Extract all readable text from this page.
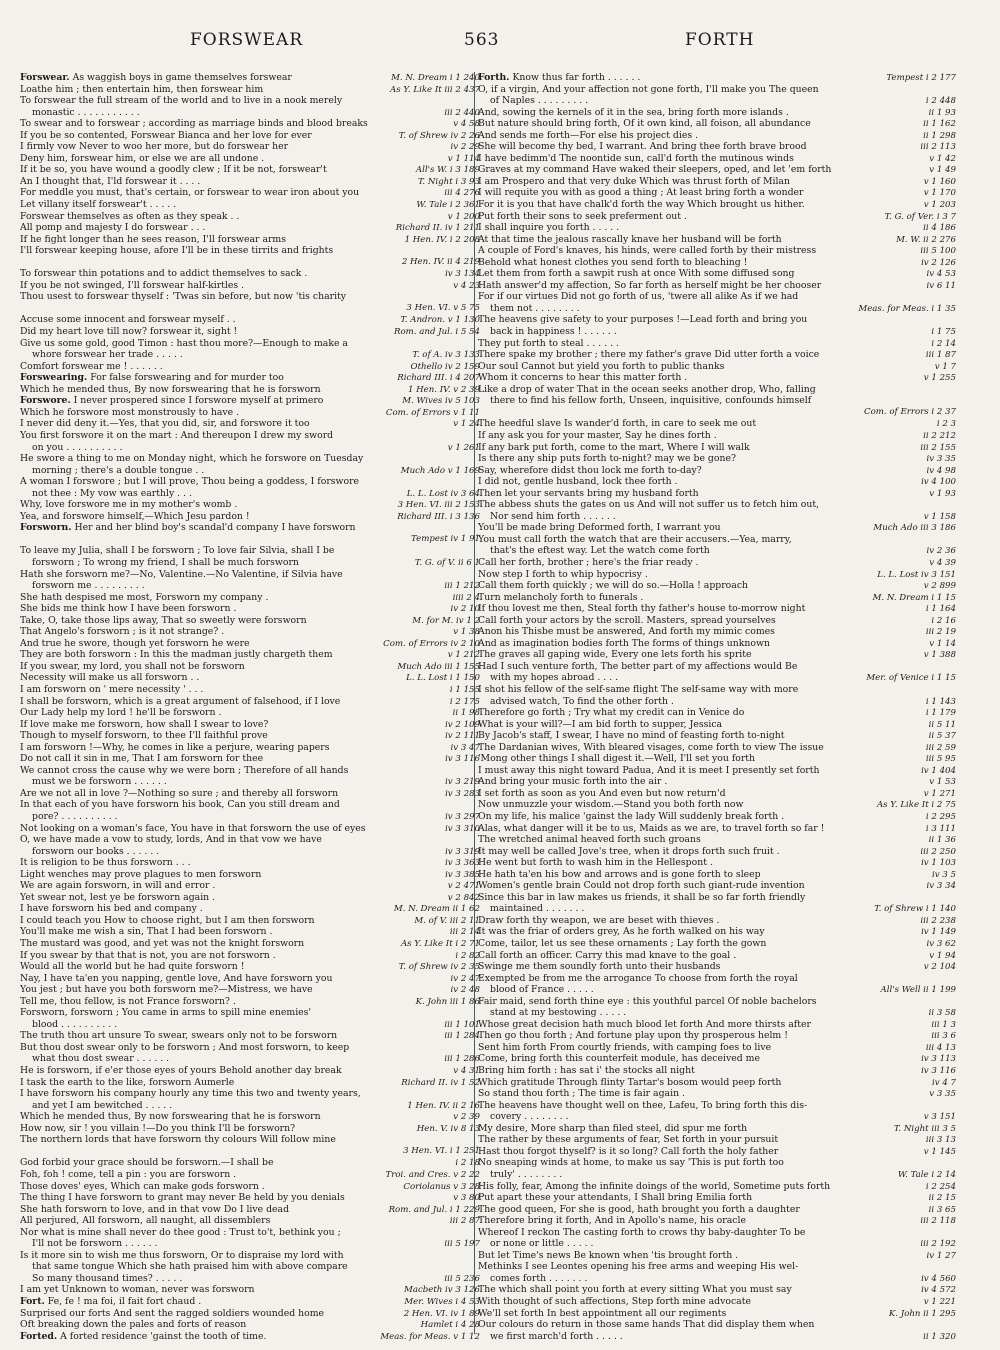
FORSWEAR	563	FORTH
Forswear. As waggish boys in game themselves forswear	M. N. Dream i 1 240
Loathe him ; then entertain him, then forswear him	As Y. Like It iii 2 437
To forswear the full stream of the world and to live in a nook merely
monastic . . . . . . . . . . .	iii 2 440
To swear and to forswear ; according as marriage binds and blood breaks	v 4 58
If you be so contented, Forswear Bianca and her love for ever	T. of Shrew iv 2 26
I firmly vow Never to woo her more, but do forswear her	iv 2 29
Deny him, forswear him, or else we are all undone .	v 1 114
If it be so, you have wound a goodly clew ; If it be not, forswear't	All's W. i 3 189
An I thought that, I'ld forswear it . . . .	T. Night i 3 93
For meddle you must, that's certain, or forswear to wear iron about you	iii 4 276
Let villany itself forswear't . . . . .	W. Tale i 2 361
Forswear themselves as often as they speak . .	v 1 200
All pomp and majesty I do forswear . . .	Richard II. iv 1 211
If he fight longer than he sees reason, I'll forswear arms	1 Hen. IV. i 2 208
I'll forswear keeping house, afore I'll be in these tirrits and frights
2 Hen. IV. ii 4 219
To forswear thin potations and to addict themselves to sack .	iv 3 134
If you be not swinged, I'll forswear half-kirtles .	v 4 23
Thou usest to forswear thyself : 'Twas sin before, but now 'tis charity
3 Hen. VI. v 5 75
Accuse some innocent and forswear myself . .	T. Andron. v 1 130
Did my heart love till now? forswear it, sight !	Rom. and Jul. i 5 54
Give us some gold, good Timon : hast thou more?—Enough to make a
whore forswear her trade . . . . .	T. of A. iv 3 133
Comfort forswear me ! . . . . . .	Othello iv 2 159
Forswearing. For false forswearing and for murder too	Richard III. i 4 207
Which he mended thus, By now forswearing that he is forsworn	1 Hen. IV. v 2 39
Forswore. I never prospered since I forswore myself at primero	M. Wives iv 5 103
Which he forswore most monstrously to have .	Com. of Errors v 1 11
I never did deny it.—Yes, that you did, sir, and forswore it too	v 1 24
You first forswore it on the mart : And thereupon I drew my sword
on you . . . . . . . . . .	v 1 261
He swore a thing to me on Monday night, which he forswore on Tuesday
morning ; there's a double tongue . .	Much Ado v 1 169
A woman I forswore ; but I will prove, Thou being a goddess, I forswore
not thee : My vow was earthly . . .	L. L. Lost iv 3 64
Why, love forswore me in my mother's womb .	3 Hen. VI. iii 2 153
Yea, and forswore himself,—Which Jesu pardon !	Richard III. i 3 136
Forsworn. Her and her blind boy's scandal'd company I have forsworn
Tempest iv 1 91
To leave my Julia, shall I be forsworn ; To love fair Silvia, shall I be
forsworn ; To wrong my friend, I shall be much forsworn	T. G. of V. ii 6 1
Hath she forsworn me?—No, Valentine.—No Valentine, if Silvia have
forsworn me . . . . . . . . .	iii 1 212
She hath despised me most, Forsworn my company .	iiii 2 4
She bids me think how I have been forsworn .	iv 2 10
Take, O, take those lips away, That so sweetly were forsworn	M. for M. iv 1 2
That Angelo's forsworn ; is it not strange? .	v 1 38
And true he swore, though yet forsworn he were	Com. of Errors iv 2 10
They are both forsworn : In this the madman justly chargeth them	v 1 212
If you swear, my lord, you shall not be forsworn	Much Ado iii 1 155
Necessity will make us all forsworn . .	L. L. Lost i 1 150
I am forsworn on ' mere necessity ' . . .	i 1 155
I shall be forsworn, which is a great argument of falsehood, if I love	i 2 175
Our Lady help my lord ! he'll be forsworn .	ii 1 98
If love make me forsworn, how shall I swear to love?	iv 2 109
Though to myself forsworn, to thee I'll faithful prove	iv 2 111
I am forsworn !—Why, he comes in like a perjure, wearing papers	iv 3 47
Do not call it sin in me, That I am forsworn for thee	iv 3 116
We cannot cross the cause why we were born ; Therefore of all hands
must we be forsworn . . . . . .	iv 3 219
Are we not all in love ?—Nothing so sure ; and thereby all forsworn	iv 3 283
In that each of you have forsworn his book, Can you still dream and
pore? . . . . . . . . . .	iv 3 297
Not looking on a woman's face, You have in that forsworn the use of eyes	iv 3 310
O, we have made a vow to study, lords, And in that vow we have
forsworn our books . . . . . .	iv 3 319
It is religion to be thus forsworn . . .	iv 3 363
Light wenches may prove plagues to men forsworn	iv 3 385
We are again forsworn, in will and error .	v 2 471
Yet swear not, lest ye be forsworn again .	v 2 842
I have forsworn his bed and company .	M. N. Dream ii 1 62
I could teach you How to choose right, but I am then forsworn	M. of V. iii 2 11
You'll make me wish a sin, That I had been forsworn .	iii 2 14
The mustard was good, and yet was not the knight forsworn	As Y. Like It i 2 71
If you swear by that that is not, you are not forsworn .	i 2 82
Would all the world but he had quite forsworn !	T. of Shrew iv 2 35
Nay, I have ta'en you napping, gentle love, And have forsworn you	iv 2 47
You jest ; but have you both forsworn me?—Mistress, we have	iv 2 48
Tell me, thou fellow, is not France forsworn? .	K. John iii 1 86
Forsworn, forsworn ; You came in arms to spill mine enemies'
blood . . . . . . . . . .	iii 1 101
The truth thou art unsure To swear, swears only not to be forsworn	iii 1 284
But thou dost swear only to be forsworn ; And most forsworn, to keep
what thou dost swear . . . . . .	iii 1 286
He is forsworn, if e'er those eyes of yours Behold another day break	v 4 31
I task the earth to the like, forsworn Aumerle	Richard II. iv 1 52
I have forsworn his company hourly any time this two and twenty years,
and yet I am bewitched . . . . .	1 Hen. IV. ii 2 16
Which he mended thus, By now forswearing that he is forsworn	v 2 39
How now, sir ! you villain !—Do you think I'll be forsworn?	Hen. V. iv 8 13
The northern lords that have forsworn thy colours Will follow mine
3 Hen. VI. i 1 251
God forbid your grace should be forsworn.—I shall be	i 2 18
Foh, foh ! come, tell a pin : you are forsworn .	Troi. and Cres. v 2 22
Those doves' eyes, Which can make gods forsworn .	Coriolanus v 3 28
The thing I have forsworn to grant may never Be held by you denials	v 3 80
She hath forsworn to love, and in that vow Do I live dead	Rom. and Jul. i 1 229
All perjured, All forsworn, all naught, all dissemblers	iii 2 87
Nor what is mine shall never do thee good : Trust to't, bethink you ;
I'll not be forsworn . . . . . .	iii 5 197
Is it more sin to wish me thus forsworn, Or to dispraise my lord with
that same tongue Which she hath praised him with above compare
So many thousand times? . . . . .	iii 5 236
I am yet Unknown to woman, never was forsworn	Macbeth iv 3 126
Fort. Fe, fe ! ma foi, il fait fort chaud .	Mer. Wives i 4 53
Surprised our forts And sent the ragged soldiers wounded home	2 Hen. VI. iv 1 89
Oft breaking down the pales and forts of reason	Hamlet i 4 28
Forted. A forted residence 'gainst the tooth of time.	Meas. for Meas. v 1 12
Forth. Know thus far forth . . . . . .	Tempest i 2 177
O, if a virgin, And your affection not gone forth, I'll make you The queen
of Naples . . . . . . . . .	i 2 448
And, sowing the kernels of it in the sea, bring forth more islands .	ii 1 93
But nature should bring forth, Of it own kind, all foison, all abundance	ii 1 162
And sends me forth—For else his project dies .	ii 1 298
She will become thy bed, I warrant. And bring thee forth brave brood	iii 2 113
I have bedimm'd The noontide sun, call'd forth the mutinous winds	v 1 42
Graves at my command Have waked their sleepers, oped, and let 'em forth	v 1 49
I am Prospero and that very duke Which was thrust forth of Milan	v 1 160
I will requite you with as good a thing ; At least bring forth a wonder	v 1 170
For it is you that have chalk'd forth the way Which brought us hither.	v 1 203
Put forth their sons to seek preferment out .	T. G. of Ver. i 3 7
I shall inquire you forth . . . . .	ii 4 186
At that time the jealous rascally knave her husband will be forth	M. W. ii 2 276
A couple of Ford's knaves, his hinds, were called forth by their mistress	iii 5 100
Behold what honest clothes you send forth to bleaching !	iv 2 126
Let them from forth a sawpit rush at once With some diffused song	iv 4 53
Hath answer'd my affection, So far forth as herself might be her chooser	iv 6 11
For if our virtues Did not go forth of us, 'twere all alike As if we had
them not . . . . . . . .	Meas. for Meas. i 1 35
The heavens give safety to your purposes !—Lead forth and bring you
back in happiness ! . . . . . .	i 1 75
They put forth to steal . . . . . .	i 2 14
There spake my brother ; there my father's grave Did utter forth a voice	iii 1 87
Our soul Cannot but yield you forth to public thanks	v 1 7
Whom it concerns to hear this matter forth .	v 1 255
Like a drop of water That in the ocean seeks another drop, Who, falling
there to find his fellow forth, Unseen, inquisitive, confounds himself
Com. of Errors i 2 37
The heedful slave Is wander'd forth, in care to seek me out	i 2 3
If any ask you for your master, Say he dines forth .	ii 2 212
If any bark put forth, come to the mart, Where I will walk	iii 2 155
Is there any ship puts forth to-night? may we be gone?	iv 3 35
Say, wherefore didst thou lock me forth to-day?	iv 4 98
I did not, gentle husband, lock thee forth .	iv 4 100
Then let your servants bring my husband forth	v 1 93
The abbess shuts the gates on us And will not suffer us to fetch him out,
Nor send him forth . . . . . .	v 1 158
You'll be made bring Deformed forth, I warrant you	Much Ado iii 3 186
You must call forth the watch that are their accusers.—Yea, marry,
that's the eftest way. Let the watch come forth	iv 2 36
Call her forth, brother ; here's the friar ready .	v 4 39
Now step I forth to whip hypocrisy .	L. L. Lost iv 3 151
Call them forth quickly ; we will do so.—Holla ! approach	v 2 899
Turn melancholy forth to funerals .	M. N. Dream i 1 15
If thou lovest me then, Steal forth thy father's house to-morrow night	i 1 164
Call forth your actors by the scroll. Masters, spread yourselves	i 2 16
Anon his Thisbe must be answered, And forth my mimic comes	iii 2 19
And as imagination bodies forth The forms of things unknown	v 1 14
The graves all gaping wide, Every one lets forth his sprite	v 1 388
Had I such venture forth, The better part of my affections would Be
with my hopes abroad . . . .	Mer. of Venice i 1 15
I shot his fellow of the self-same flight The self-same way with more
advised watch, To find the other forth .	i 1 143
Therefore go forth ; Try what my credit can in Venice do	i 1 179
What is your will?—I am bid forth to supper, Jessica	ii 5 11
By Jacob's staff, I swear, I have no mind of feasting forth to-night	ii 5 37
The Dardanian wives, With bleared visages, come forth to view The issue	iii 2 59
'Mong other things I shall digest it.—Well, I'll set you forth	iii 5 95
I must away this night toward Padua, And it is meet I presently set forth	iv 1 404
And bring your music forth into the air .	v 1 53
I set forth as soon as you And even but now return'd	v 1 271
Now unmuzzle your wisdom.—Stand you both forth now	As Y. Like It i 2 75
On my life, his malice 'gainst the lady Will suddenly break forth .	i 2 295
Alas, what danger will it be to us, Maids as we are, to travel forth so far !	i 3 111
The wretched animal heaved forth such groans	ii 1 36
It may well be called Jove's tree, when it drops forth such fruit .	iii 2 250
He went but forth to wash him in the Hellespont .	iv 1 103
He hath ta'en his bow and arrows and is gone forth to sleep	iv 3 5
Women's gentle brain Could not drop forth such giant-rude invention	iv 3 34
Since this bar in law makes us friends, it shall be so far forth friendly
maintained . . . . . . .	T. of Shrew i 1 140
Draw forth thy weapon, we are beset with thieves .	iii 2 238
It was the friar of orders grey, As he forth walked on his way	iv 1 149
Come, tailor, let us see these ornaments ; Lay forth the gown	iv 3 62
Call forth an officer. Carry this mad knave to the goal .	v 1 94
Swinge me them soundly forth unto their husbands	v 2 104
Exempted be from me the arrogance To choose from forth the royal
blood of France . . . . .	All's Well ii 1 199
Fair maid, send forth thine eye : this youthful parcel Of noble bachelors
stand at my bestowing . . . . .	ii 3 58
Whose great decision hath much blood let forth And more thirsts after	iii 1 3
Then go thou forth ; And fortune play upon thy prosperous helm !	iii 3 6
Sent him forth From courtly friends, with camping foes to live	iii 4 13
Come, bring forth this counterfeit module, has deceived me	iv 3 113
Bring him forth : has sat i' the stocks all night	iv 3 116
Which gratitude Through flinty Tartar's bosom would peep forth	iv 4 7
So stand thou forth ; The time is fair again .	v 3 35
The heavens have thought well on thee, Lafeu, To bring forth this dis-
covery . . . . . . . .	v 3 151
My desire, More sharp than filed steel, did spur me forth	T. Night iii 3 5
The rather by these arguments of fear, Set forth in your pursuit	iii 3 13
Hast thou forgot thyself? is it so long? Call forth the holy father	v 1 145
No sneaping winds at home, to make us say 'This is put forth too
truly' . . . . . . . .	W. Tale i 2 14
His folly, fear, Among the infinite doings of the world, Sometime puts forth	i 2 254
Put apart these your attendants, I Shall bring Emilia forth	ii 2 15
The good queen, For she is good, hath brought you forth a daughter	ii 3 65
Therefore bring it forth, And in Apollo's name, his oracle	iii 2 118
Whereof I reckon The casting forth to crows thy baby-daughter To be
or none or little . . . . .	iii 2 192
But let Time's news Be known when 'tis brought forth .	iv 1 27
Methinks I see Leontes opening his free arms and weeping His wel-
comes forth . . . . . . .	iv 4 560
The which shall point you forth at every sitting What you must say	iv 4 572
With thought of such affections, Step forth mine advocate	v 1 221
We'll set forth In best appointment all our regiments	K. John ii 1 295
Our colours do return in those same hands That did display them when
we first march'd forth . . . . .	ii 1 320
